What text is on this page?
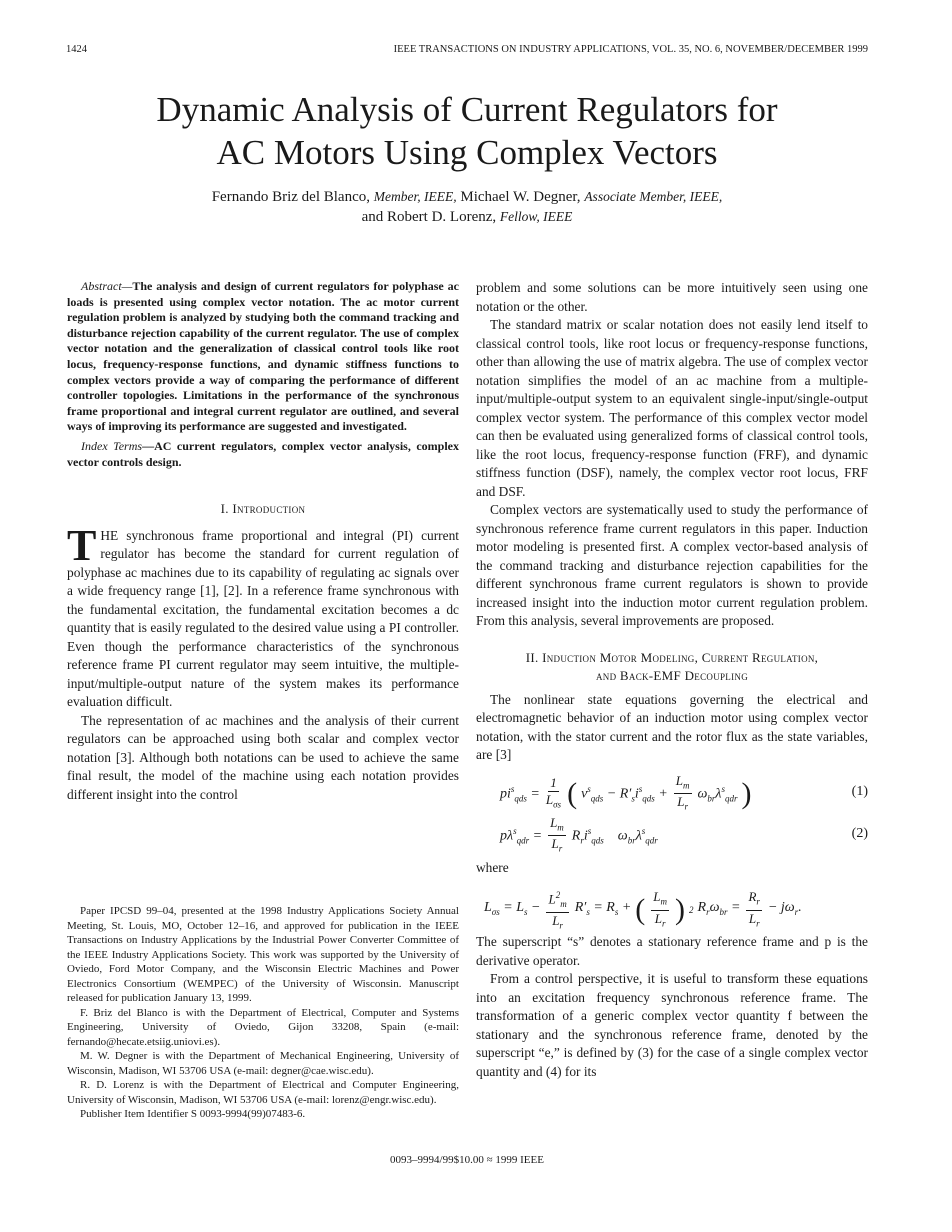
1424	IEEE TRANSACTIONS ON INDUSTRY APPLICATIONS, VOL. 35, NO. 6, NOVEMBER/DECEMBER 1999
Dynamic Analysis of Current Regulators for
AC Motors Using Complex Vectors
Fernando Briz del Blanco, Member, IEEE, Michael W. Degner, Associate Member, IEEE,
and Robert D. Lorenz, Fellow, IEEE

Abstract—The analysis and design of current regulators for polyphase ac loads is presented using complex vector notation. The ac motor current regulation problem is analyzed by studying both the command tracking and disturbance rejection capability of the current regulator. The use of complex vector notation and the generalization of classical control tools like root locus, frequency-response functions, and dynamic stiffness functions to complex vectors provide a way of comparing the performance of different controller topologies. Limitations in the performance of the synchronous frame proportional and integral current regulator are outlined, and several ways of improving its performance are suggested and investigated.

Index Terms—AC current regulators, complex vector analysis, complex vector controls design.

I. Introduction

THE synchronous frame proportional and integral (PI) current regulator has become the standard for current regulation of polyphase ac machines due to its capability of regulating ac signals over a wide frequency range [1], [2]. In a reference frame synchronous with the fundamental excitation, the fundamental excitation becomes a dc quantity that is easily regulated to the desired value using a PI controller. Even though the performance characteristics of the synchronous reference frame PI current regulator may seem intuitive, the multiple-input/multiple-output nature of the system makes its performance evaluation difficult.

The representation of ac machines and the analysis of their current regulators can be approached using both scalar and complex vector notation [3]. Although both notations can be used to achieve the same final result, the model of the machine using each notation provides different insight into the control

Paper IPCSD 99–04, presented at the 1998 Industry Applications Society Annual Meeting, St. Louis, MO, October 12–16, and approved for publication in the IEEE Transactions on Industry Applications by the Industrial Power Converter Committee of the IEEE Industry Applications Society. This work was supported by the University of Oviedo, Ford Motor Company, and the Wisconsin Electric Machines and Power Electronics Consortium (WEMPEC) of the University of Wisconsin. Manuscript released for publication January 13, 1999.

F. Briz del Blanco is with the Department of Electrical, Computer and Systems Engineering, University of Oviedo, Gijon 33208, Spain (e-mail: fernando@hecate.etsiig.uniovi.es).

M. W. Degner is with the Department of Mechanical Engineering, University of Wisconsin, Madison, WI 53706 USA (e-mail: degner@cae.wisc.edu).

R. D. Lorenz is with the Department of Electrical and Computer Engineering, University of Wisconsin, Madison, WI 53706 USA (e-mail: lorenz@engr.wisc.edu).

Publisher Item Identifier S 0093-9994(99)07483-6.

problem and some solutions can be more intuitively seen using one notation or the other.

The standard matrix or scalar notation does not easily lend itself to classical control tools, like root locus or frequency-response functions, other than allowing the use of matrix algebra. The use of complex vector notation simplifies the model of an ac machine from a multiple-input/multiple-output system to an equivalent single-input/single-output complex vector system. The performance of this complex vector model can then be evaluated using generalized forms of classical control tools, like the root locus, frequency-response function (FRF), and dynamic stiffness function (DSF), namely, the complex vector root locus, FRF and DSF.

Complex vectors are systematically used to study the performance of synchronous reference frame current regulators in this paper. Induction motor modeling is presented first. A complex vector-based analysis of the command tracking and disturbance rejection capabilities for the different synchronous frame current regulators is shown to provide increased insight into the induction motor current regulation problem. From this analysis, several improvements are proposed.

II. Induction Motor Modeling, Current Regulation,
and Back-EMF Decoupling

The nonlinear state equations governing the electrical and electromagnetic behavior of an induction motor using complex vector notation, with the stator current and the rotor flux as the state variables, are [3]

$pi^s_{qds} = \frac{1}{L_{\sigma s}}$ ( $v^s_{qds} - R'_si^s_{qds} + \frac{L_m}{L_r} \omega_{br}\lambda^s_{qdr}$ )	(1)
$p\lambda^s_{qdr} = \frac{L_m}{L_r} R_ri^s_{qds}$    $\omega_{br}\lambda^s_{qdr}$	(2)

where

$L_{\sigma s} = L_s - \frac{L^2_m}{L_r} R'_s = R_s$ + ( $\frac{L_m}{L_r}$ ) 2 $R_r\omega_{br} = \frac{R_r}{L_r} - j\omega_r$.

The superscript “s” denotes a stationary reference frame and p is the derivative operator.

From a control perspective, it is useful to transform these equations into an excitation frequency synchronous reference frame. The transformation of a generic complex vector quantity f between the stationary and the synchronous reference frame, denoted by the superscript “e,” is defined by (3) for the case of a single complex vector quantity and (4) for its

0093–9994/99$10.00 ≈ 1999 IEEE
